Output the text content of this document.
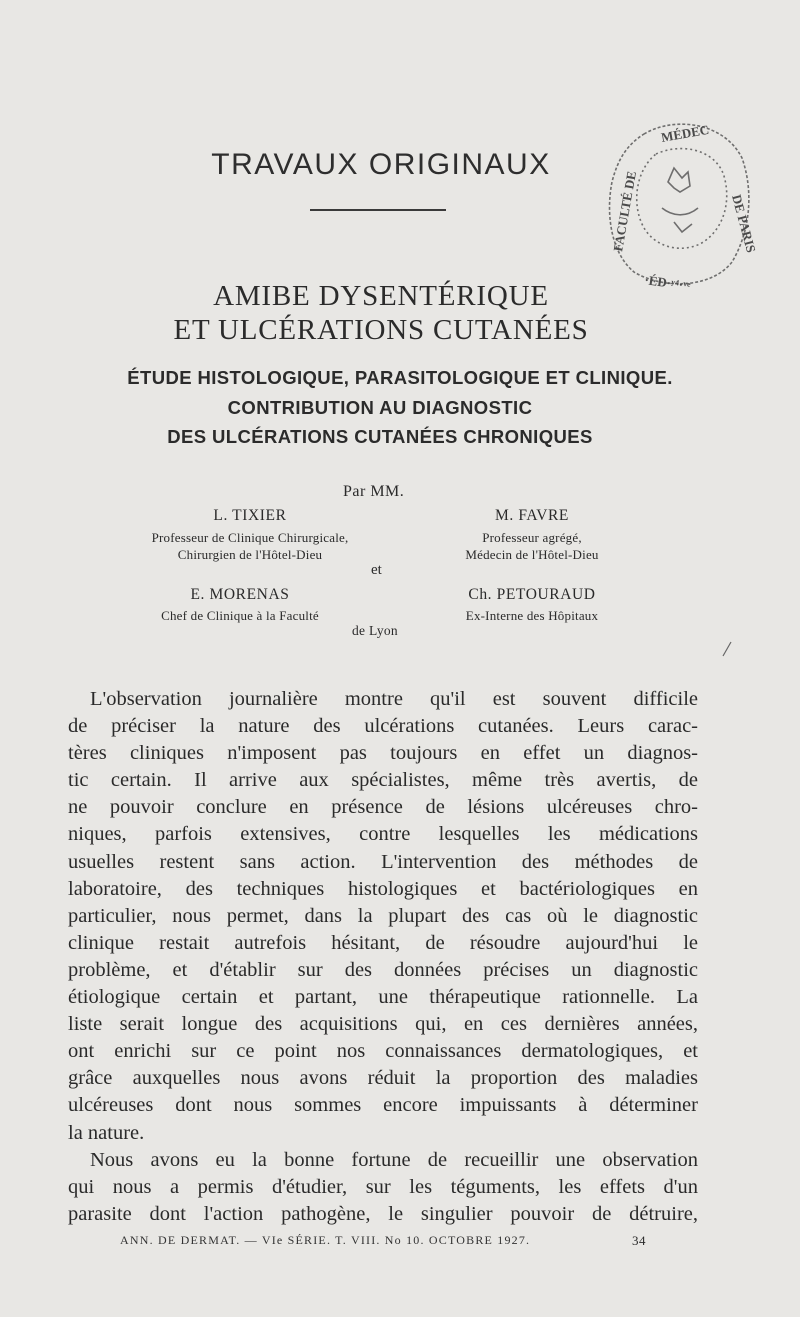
TRAVAUX ORIGINAUX
MÉDEC
FACULTÉ DE	DE PARIS
·ÉD·ʸ⁴·ᵛᵉ
AMIBE DYSENTÉRIQUE
ET ULCÉRATIONS CUTANÉES
ÉTUDE HISTOLOGIQUE, PARASITOLOGIQUE ET CLINIQUE.
CONTRIBUTION AU DIAGNOSTIC
DES ULCÉRATIONS CUTANÉES CHRONIQUES
Par MM.
L. TIXIER
Professeur de Clinique Chirurgicale,
Chirurgien de l'Hôtel-Dieu
M. FAVRE
Professeur agrégé,
Médecin de l'Hôtel-Dieu
et
E. MORENAS
Chef de Clinique à la Faculté
Ch. PETOURAUD
Ex-Interne des Hôpitaux
de Lyon
L'observation journalière montre qu'il est souvent difficile
de préciser la nature des ulcérations cutanées. Leurs carac-
tères cliniques n'imposent pas toujours en effet un diagnos-
tic certain. Il arrive aux spécialistes, même très avertis, de
ne pouvoir conclure en présence de lésions ulcéreuses chro-
niques, parfois extensives, contre lesquelles les médications
usuelles restent sans action. L'intervention des méthodes de
laboratoire, des techniques histologiques et bactériologiques en
particulier, nous permet, dans la plupart des cas où le diagnostic
clinique restait autrefois hésitant, de résoudre aujourd'hui le
problème, et d'établir sur des données précises un diagnostic
étiologique certain et partant, une thérapeutique rationnelle. La
liste serait longue des acquisitions qui, en ces dernières années,
ont enrichi sur ce point nos connaissances dermatologiques, et
grâce auxquelles nous avons réduit la proportion des maladies
ulcéreuses dont nous sommes encore impuissants à déterminer
la nature.
Nous avons eu la bonne fortune de recueillir une observation
qui nous a permis d'étudier, sur les téguments, les effets d'un
parasite dont l'action pathogène, le singulier pouvoir de détruire,
ANN. DE DERMAT. — VIe SÉRIE. T. VIII. No 10. OCTOBRE 1927.	34
